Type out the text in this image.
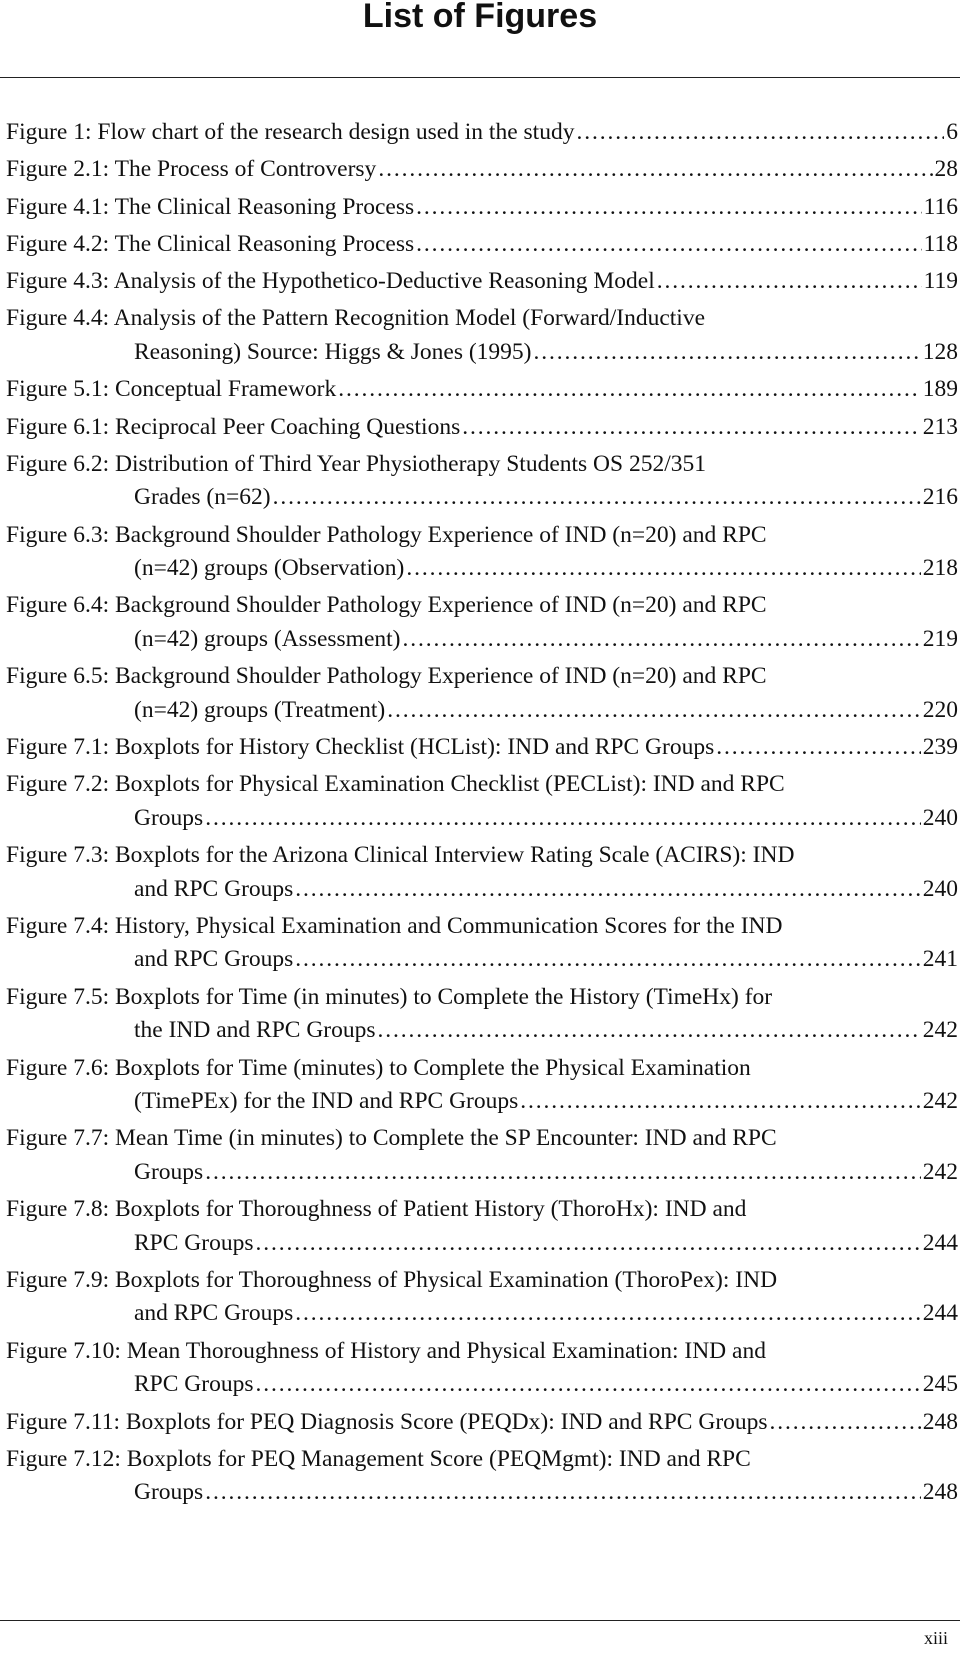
List of Figures
Figure 1: Flow chart of the research design used in the study . . .	6
Figure 2.1: The Process of Controversy . . .	28
Figure 4.1: The Clinical Reasoning Process . . .	116
Figure 4.2: The Clinical Reasoning Process . . .	118
Figure 4.3: Analysis of the Hypothetico-Deductive Reasoning Model . . .	119
Figure 4.4: Analysis of the Pattern Recognition Model (Forward/Inductive
Reasoning) Source: Higgs & Jones (1995) . . .	128
Figure 5.1: Conceptual Framework . . .	189
Figure 6.1: Reciprocal Peer Coaching Questions . . .	213
Figure 6.2: Distribution of Third Year Physiotherapy Students OS 252/351
Grades (n=62) . . .	216
Figure 6.3: Background Shoulder Pathology Experience of IND (n=20) and RPC
(n=42) groups (Observation) . . .	218
Figure 6.4: Background Shoulder Pathology Experience of IND (n=20) and RPC
(n=42) groups (Assessment) . . .	219
Figure 6.5: Background Shoulder Pathology Experience of IND (n=20) and RPC
(n=42) groups (Treatment) . . .	220
Figure 7.1: Boxplots for History Checklist (HCList): IND and RPC Groups . . .	239
Figure 7.2: Boxplots for Physical Examination Checklist (PECList): IND and RPC
Groups . . .	240
Figure 7.3: Boxplots for the Arizona Clinical Interview Rating Scale (ACIRS): IND
and RPC Groups . . .	240
Figure 7.4: History, Physical Examination and Communication Scores for the IND
and RPC Groups . . .	241
Figure 7.5: Boxplots for Time (in minutes) to Complete the History (TimeHx) for
the IND and RPC Groups . . .	242
Figure 7.6: Boxplots for Time (minutes) to Complete the Physical Examination
(TimePEx) for the IND and RPC Groups . . .	242
Figure 7.7: Mean Time (in minutes) to Complete the SP Encounter: IND and RPC
Groups . . .	242
Figure 7.8: Boxplots for Thoroughness of Patient History (ThoroHx): IND and
RPC Groups . . .	244
Figure 7.9: Boxplots for Thoroughness of Physical Examination (ThoroPex): IND
and RPC Groups . . .	244
Figure 7.10: Mean Thoroughness of History and Physical Examination: IND and
RPC Groups . . .	245
Figure 7.11: Boxplots for PEQ Diagnosis Score (PEQDx): IND and RPC Groups . . .	248
Figure 7.12: Boxplots for PEQ Management Score (PEQMgmt): IND and RPC
Groups . . .	248
xiii
